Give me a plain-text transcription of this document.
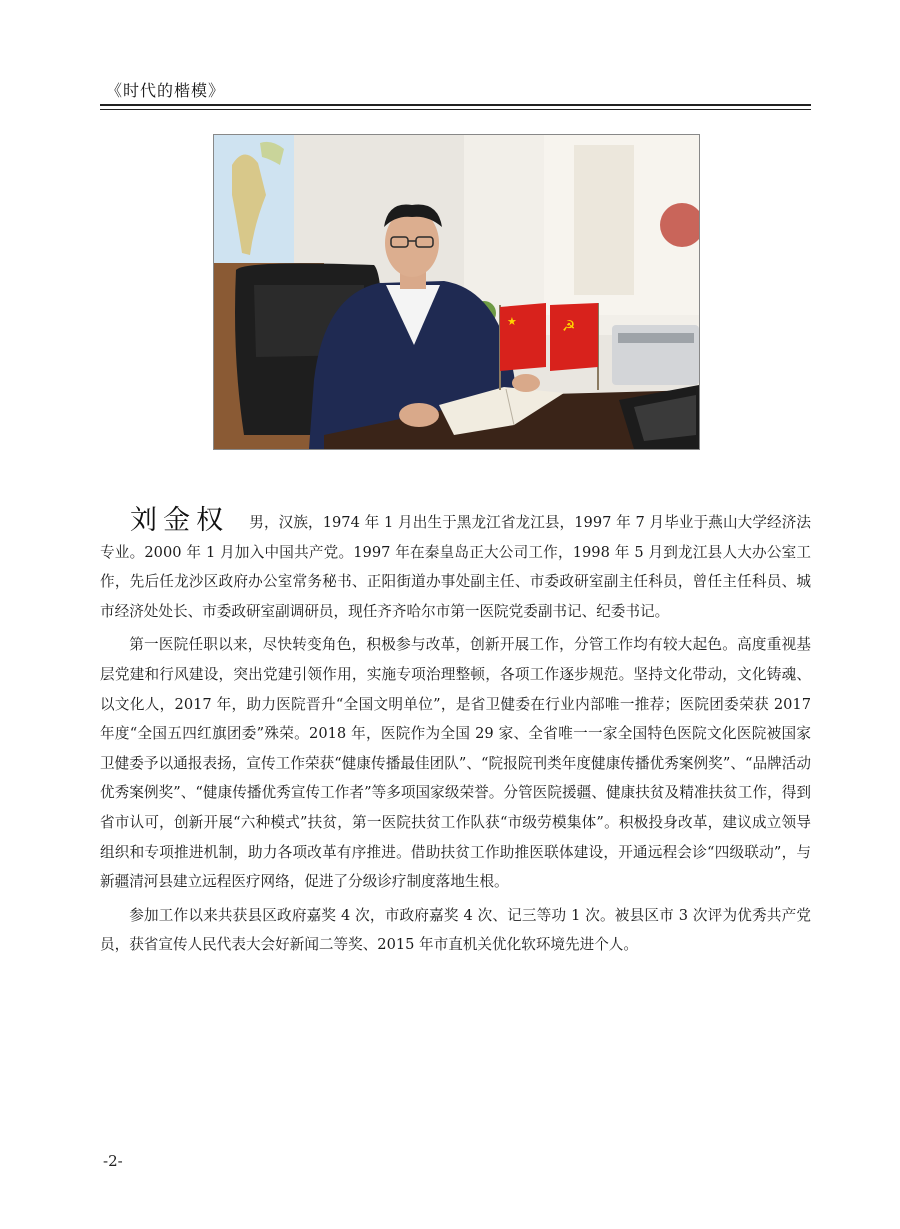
《时代的楷模》
★	☭

刘金权 男，汉族，1974 年 1 月出生于黑龙江省龙江县，1997 年 7 月毕业于燕山大学经济法专业。2000 年 1 月加入中国共产党。1997 年在秦皇岛正大公司工作，1998 年 5 月到龙江县人大办公室工作，先后任龙沙区政府办公室常务秘书、正阳街道办事处副主任、市委政研室副主任科员，曾任主任科员、城市经济处处长、市委政研室副调研员，现任齐齐哈尔市第一医院党委副书记、纪委书记。

第一医院任职以来，尽快转变角色，积极参与改革，创新开展工作，分管工作均有较大起色。高度重视基层党建和行风建设，突出党建引领作用，实施专项治理整顿，各项工作逐步规范。坚持文化带动，文化铸魂、以文化人，2017 年，助力医院晋升“全国文明单位”，是省卫健委在行业内部唯一推荐；医院团委荣获 2017 年度“全国五四红旗团委”殊荣。2018 年，医院作为全国 29 家、全省唯一一家全国特色医院文化医院被国家卫健委予以通报表扬，宣传工作荣获“健康传播最佳团队”、“院报院刊类年度健康传播优秀案例奖”、“品牌活动优秀案例奖”、“健康传播优秀宣传工作者”等多项国家级荣誉。分管医院援疆、健康扶贫及精准扶贫工作，得到省市认可，创新开展“六种模式”扶贫，第一医院扶贫工作队获“市级劳模集体”。积极投身改革，建议成立领导组织和专项推进机制，助力各项改革有序推进。借助扶贫工作助推医联体建设，开通远程会诊“四级联动”，与新疆清河县建立远程医疗网络，促进了分级诊疗制度落地生根。

参加工作以来共获县区政府嘉奖 4 次，市政府嘉奖 4 次、记三等功 1 次。被县区市 3 次评为优秀共产党员，获省宣传人民代表大会好新闻二等奖、2015 年市直机关优化软环境先进个人。

-2-
